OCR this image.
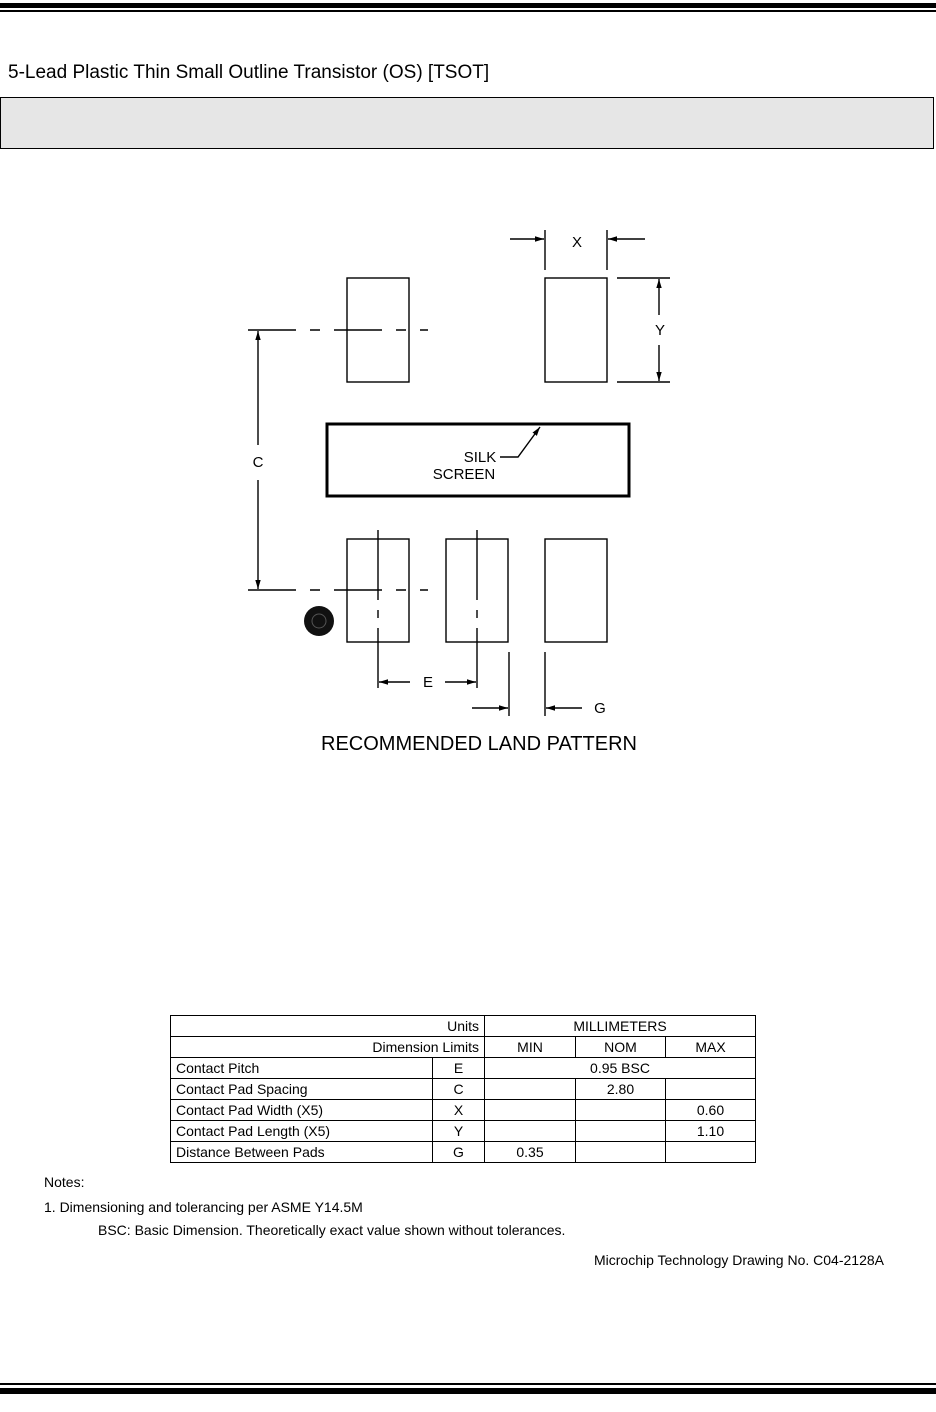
5-Lead Plastic Thin Small Outline Transistor (OS) [TSOT]
X
Y
C
E
G
SILK
SCREEN
RECOMMENDED LAND PATTERN
Units		MILLIMETERS		
Dimension Limits		MIN	NOM	MAX
Contact Pitch	E	0.95 BSC		
Contact Pad Spacing	C		2.80	
Contact Pad Width (X5)	X			0.60
Contact Pad Length (X5)	Y			1.10
Distance Between Pads	G	0.35		
Notes:
1. Dimensioning and tolerancing per ASME Y14.5M
BSC: Basic Dimension. Theoretically exact value shown without tolerances.
Microchip Technology Drawing No. C04-2128A
